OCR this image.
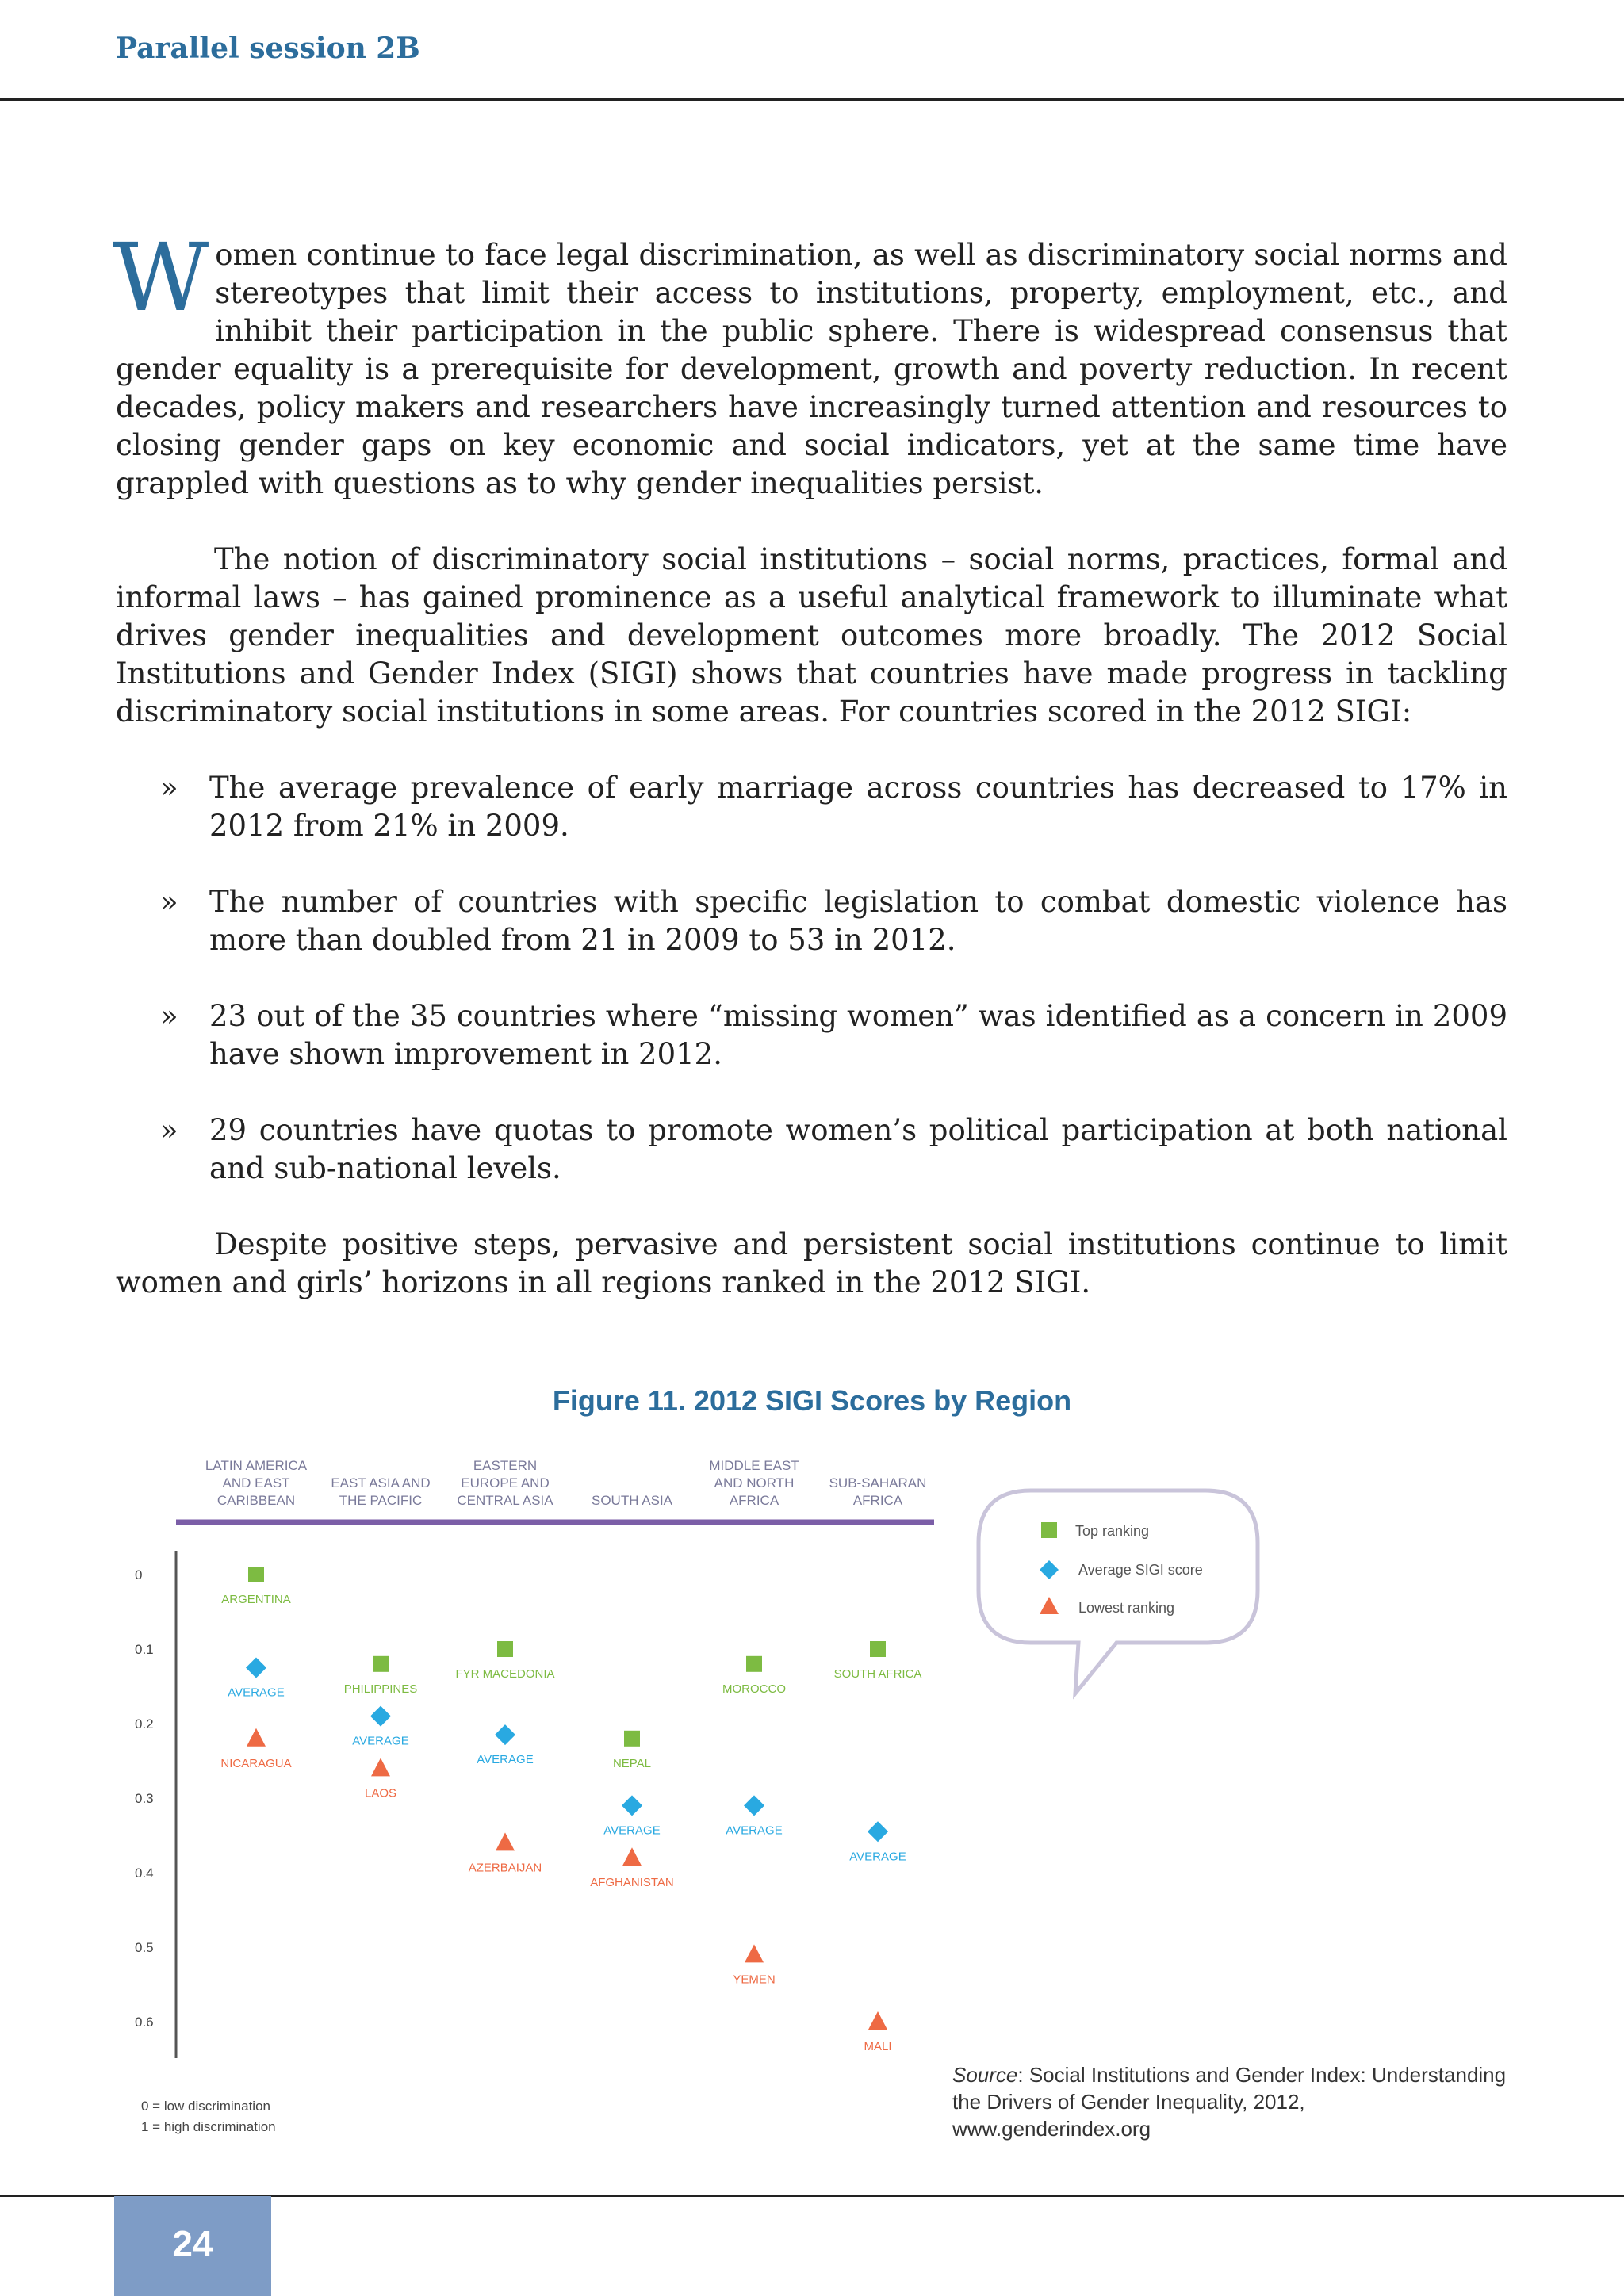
Parallel session 2B

Women continue to face legal discrimination, as well as discriminatory social norms and stereotypes that limit their access to institutions, property, employment, etc., and inhibit their participation in the public sphere. There is widespread consensus that gender equality is a prerequisite for development, growth and poverty reduction. In recent decades, policy makers and researchers have increasingly turned attention and resources to closing gender gaps on key economic and social indicators, yet at the same time have grappled with questions as to why gender inequalities persist.

The notion of discriminatory social institutions – social norms, practices, formal and informal laws – has gained prominence as a useful analytical framework to illuminate what drives gender inequalities and development outcomes more broadly. The 2012 Social Institutions and Gender Index (SIGI) shows that countries have made progress in tackling discriminatory social institutions in some areas. For countries scored in the 2012 SIGI:

» The average prevalence of early marriage across countries has decreased to 17% in 2012 from 21% in 2009.
» The number of countries with specific legislation to combat domestic violence has more than doubled from 21 in 2009 to 53 in 2012.
» 23 out of the 35 countries where “missing women” was identified as a concern in 2009 have shown improvement in 2012.
» 29 countries have quotas to promote women’s political participation at both national and sub-national levels.

Despite positive steps, pervasive and persistent social institutions continue to limit women and girls’ horizons in all regions ranked in the 2012 SIGI.

Figure 11. 2012 SIGI Scores by Region
LATIN AMERICA
AND EAST
CARIBBEAN
EAST ASIA AND
THE PACIFIC
EASTERN
EUROPE AND
CENTRAL ASIA	SOUTH ASIA
MIDDLE EAST
AND NORTH
AFRICA
SUB-SAHARAN
AFRICA
0
0.1
0.2
0.3
0.4
0.5
0.6
ARGENTINA
PHILIPPINES
FYR MACEDONIA
NEPAL
MOROCCO
SOUTH AFRICA
AVERAGE
AVERAGE
AVERAGE
AVERAGE	AVERAGE
AVERAGE
NICARAGUA
LAOS
AZERBAIJAN
AFGHANISTAN
YEMEN
MALI
Top ranking
Average SIGI score
Lowest ranking
0 = low discrimination
1 = high discrimination
Source: Social Institutions and Gender Index: Understanding the Drivers of Gender Inequality, 2012, www.genderindex.org
24
